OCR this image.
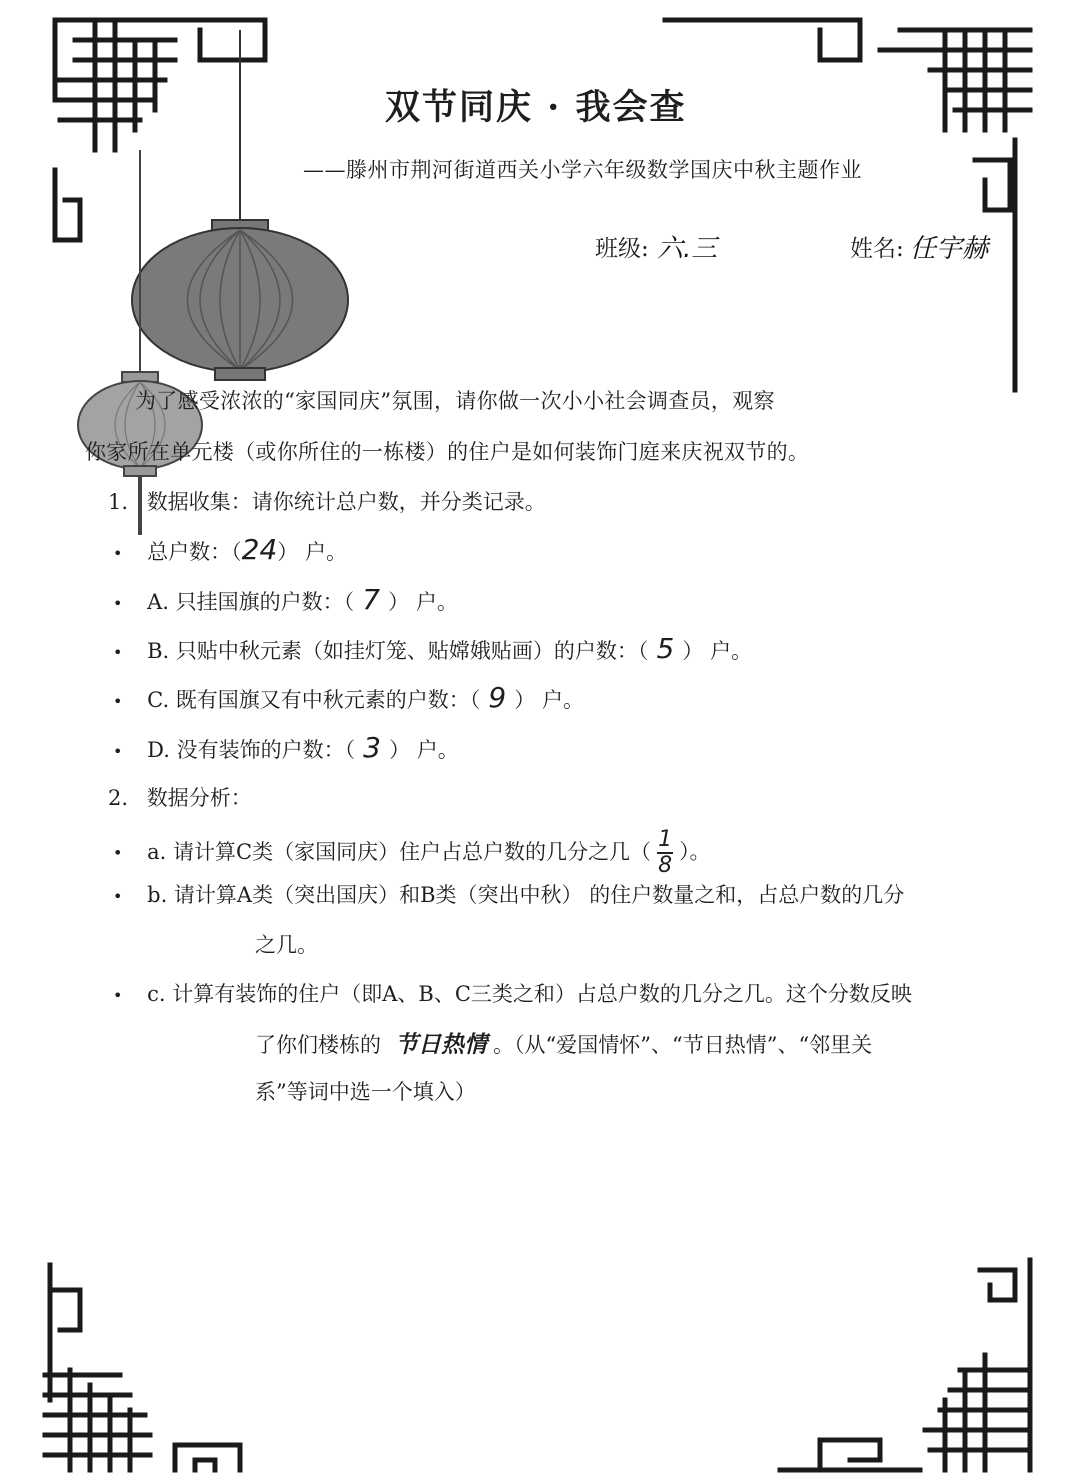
双节同庆 · 我会查
——滕州市荆河街道西关小学六年级数学国庆中秋主题作业
班级: 六.三	姓名: 任宇赫
为了感受浓浓的“家国同庆”氛围，请你做一次小小社会调查员，观察
你家所在单元楼（或你所住的一栋楼）的住户是如何装饰门庭来庆祝双节的。
1. 数据收集：请你统计总户数，并分类记录。
• 总户数：（24） 户。
• A. 只挂国旗的户数：（ 7 ） 户。
• B. 只贴中秋元素（如挂灯笼、贴嫦娥贴画）的户数：（ 5 ） 户。
• C. 既有国旗又有中秋元素的户数：（ 9 ） 户。
• D. 没有装饰的户数：（ 3 ） 户。
2. 数据分析：
• a. 请计算C类（家国同庆）住户占总户数的几分之几（ $\frac{1}{8}$ ）。
• b. 请计算A类（突出国庆）和B类（突出中秋） 的住户数量之和，占总户数的几分
之几。
• c. 计算有装饰的住户（即A、B、C三类之和）占总户数的几分之几。这个分数反映
了你们楼栋的 节日热情 。（从“爱国情怀”、“节日热情”、“邻里关
系”等词中选一个填入）
